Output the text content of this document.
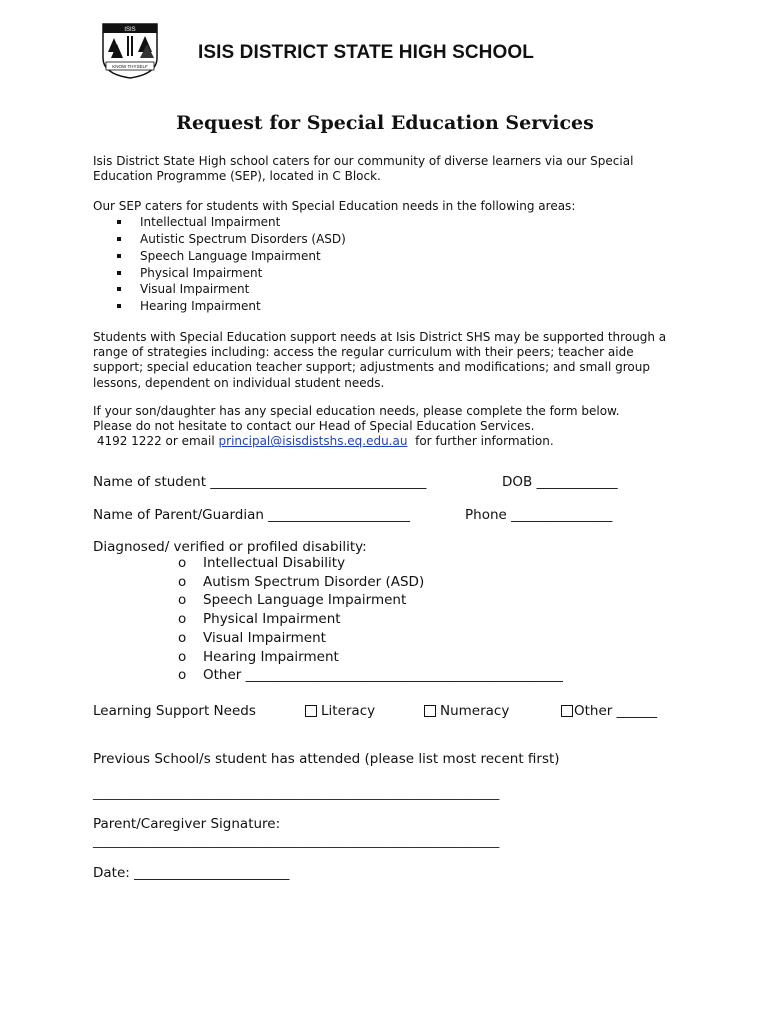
ISIS
KNOW THYSELF
ISIS DISTRICT STATE HIGH SCHOOL
Request for Special Education Services

Isis District State High school caters for our community of diverse learners via our Special Education Programme (SEP), located in C Block.

Our SEP caters for students with Special Education needs in the following areas:

Intellectual Impairment
Autistic Spectrum Disorders (ASD)
Speech Language Impairment
Physical Impairment
Visual Impairment
Hearing Impairment

Students with Special Education support needs at Isis District SHS may be supported through a range of strategies including: access the regular curriculum with their peers; teacher aide support; special education teacher support; adjustments and modifications; and small group lessons, dependent on individual student needs.

If your son/daughter has any special education needs, please complete the form below.

Please do not hesitate to contact our Head of Special Education Services.

4192 1222 or email principal@isisdistshs.eq.edu.au  for further information.

Name of student ________________________________	DOB ____________
Name of Parent/Guardian _____________________	Phone _______________
Diagnosed/ verified or profiled disability:
o Intellectual Disability
o Autism Spectrum Disorder (ASD)
o Speech Language Impairment
o Physical Impairment
o Visual Impairment
o Hearing Impairment
o Other _______________________________________________
Learning Support Needs	Literacy	Numeracy	Other ______
Previous School/s student has attended (please list most recent first)
_________________________________________________________________
Parent/Caregiver Signature:
_________________________________________________________________
Date: _______________________
